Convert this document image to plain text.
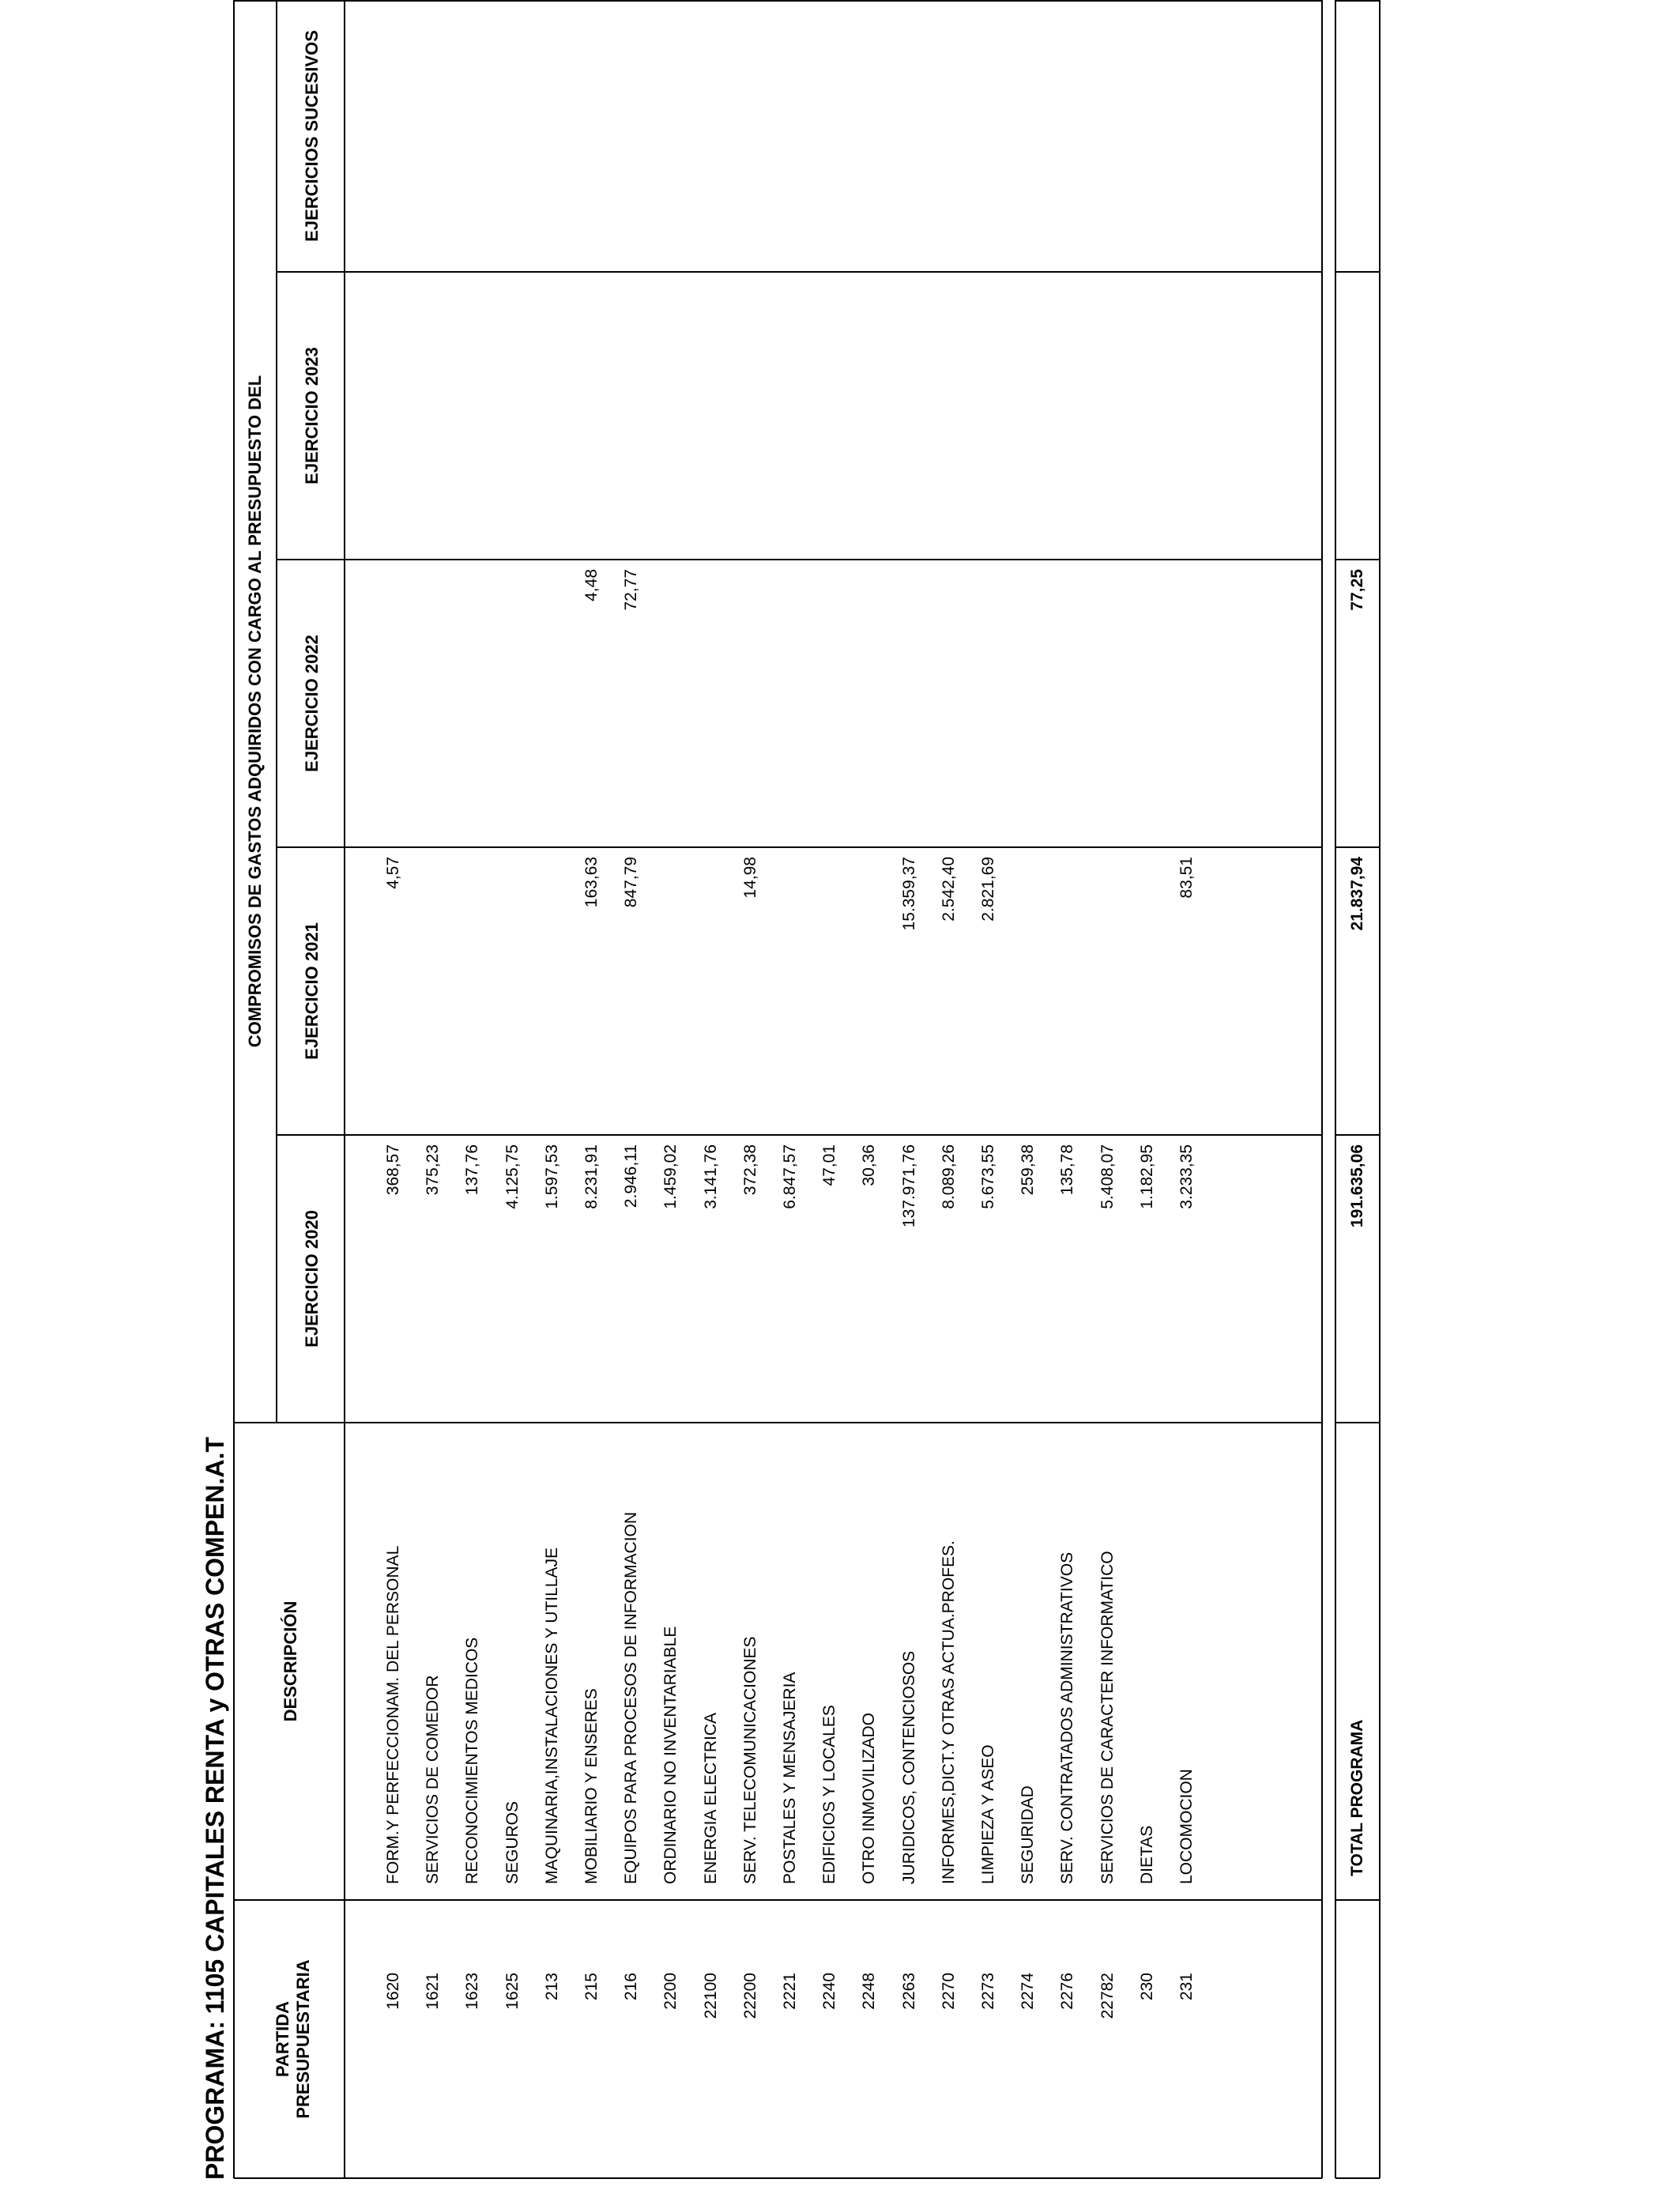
PROGRAMA: 1105 CAPITALES RENTA y OTRAS COMPEN.A.T	PARTIDA PRESUPUESTARIA
DESCRIPCIÓN
COMPROMISOS DE GASTOS ADQUIRIDOS CON CARGO AL PRESUPUESTO DEL
EJERCICIO 2020
EJERCICIO 2021
EJERCICIO 2022
EJERCICIO 2023
EJERCICIOS SUCESIVOS
1620
FORM.Y PERFECCIONAM. DEL PERSONAL
368,57
4,57
1621
SERVICIOS DE COMEDOR
375,23
1623
RECONOCIMIENTOS MEDICOS
137,76
1625
SEGUROS
4.125,75
213
MAQUINARIA,INSTALACIONES Y UTILLAJE
1.597,53
215
MOBILIARIO Y ENSERES
8.231,91
163,63
4,48
216
EQUIPOS PARA PROCESOS DE INFORMACION
2.946,11
847,79
72,77
2200
ORDINARIO NO INVENTARIABLE
1.459,02
22100
ENERGIA ELECTRICA
3.141,76
22200
SERV. TELECOMUNICACIONES
372,38
14,98
2221
POSTALES Y MENSAJERIA
6.847,57
2240
EDIFICIOS Y LOCALES
47,01
2248
OTRO INMOVILIZADO
30,36
2263
JURIDICOS, CONTENCIOSOS
137.971,76
15.359,37
2270
INFORMES,DICT.Y OTRAS ACTUA.PROFES.
8.089,26
2.542,40
2273
LIMPIEZA Y ASEO
5.673,55
2.821,69
2274
SEGURIDAD
259,38
2276
SERV. CONTRATADOS ADMINISTRATIVOS
135,78
22782
SERVICIOS DE CARACTER INFORMATICO
5.408,07
230
DIETAS
1.182,95
231
LOCOMOCION
3.233,35
83,51
TOTAL PROGRAMA
191.635,06
21.837,94
77,25
